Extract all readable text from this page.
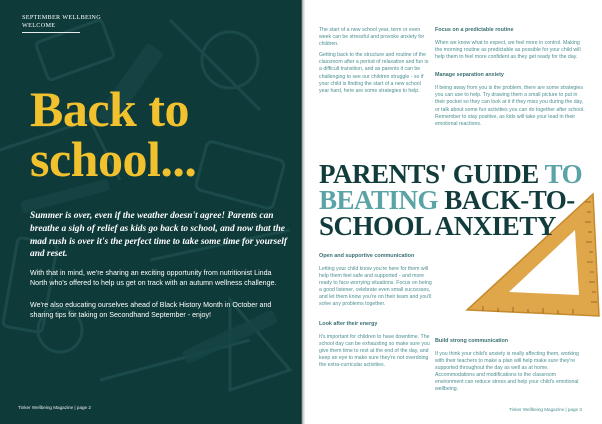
SEPTEMBER WELLBEING
WELCOME
Back to
school...
Summer is over, even if the weather doesn't agree! Parents can breathe a sigh of relief as kids go back to school, and now that the mad rush is over it's the perfect time to take some time for yourself and reset.
With that in mind, we're sharing an exciting opportunity from nutritionist Linda North who's offered to help us get on track with an autumn wellness challenge.
We're also educating ourselves ahead of Black History Month in October and sharing tips for taking on Secondhand September - enjoy!
Tinker Wellbeing Magazine | page 2

The start of a new school year, term or even week can be stressful and provoke anxiety for children.

Getting back to the structure and routine of the classroom after a period of relaxation and fun is a difficult transition, and as parents it can be challenging to see our children struggle - so if your child is finding the start of a new school year hard, here are some strategies to help.

Focus on a predictable routine

When we know what to expect, we feel more in control. Making the morning routine as predictable as possible for your child will help them to feel more confident as they get ready for the day.

Manage separation anxiety

If being away from you is the problem, there are some strategies you can use to help. Try drawing them a small picture to put in their pocket so they can look at it if they miss you during the day, or talk about some fun activities you can do together after school. Remember to stay positive, as kids will take your lead in their emotional reactions.

PARENTS' GUIDE TO
BEATING BACK-TO-
SCHOOL ANXIETY
Open and supportive communication

Letting your child know you're here for them will help them feel safe and supported - and more ready to face worrying situations. Focus on being a good listener, celebrate even small successes, and let them know you're on their team and you'll solve any problems together.

Look after their energy

It's important for children to have downtime. The school day can be exhausting so make sure you give them time to rest at the end of the day, and keep an eye to make sure they're not overdoing the extra-curricular activities.

Build strong communication

If you think your child's anxiety is really affecting them, working with their teachers to make a plan will help make sure they're supported throughout the day as well as at home. Accommodations and modifications to the classroom environment can reduce stress and help your child's emotional wellbeing.

Tinker Wellbeing Magazine | page 3
